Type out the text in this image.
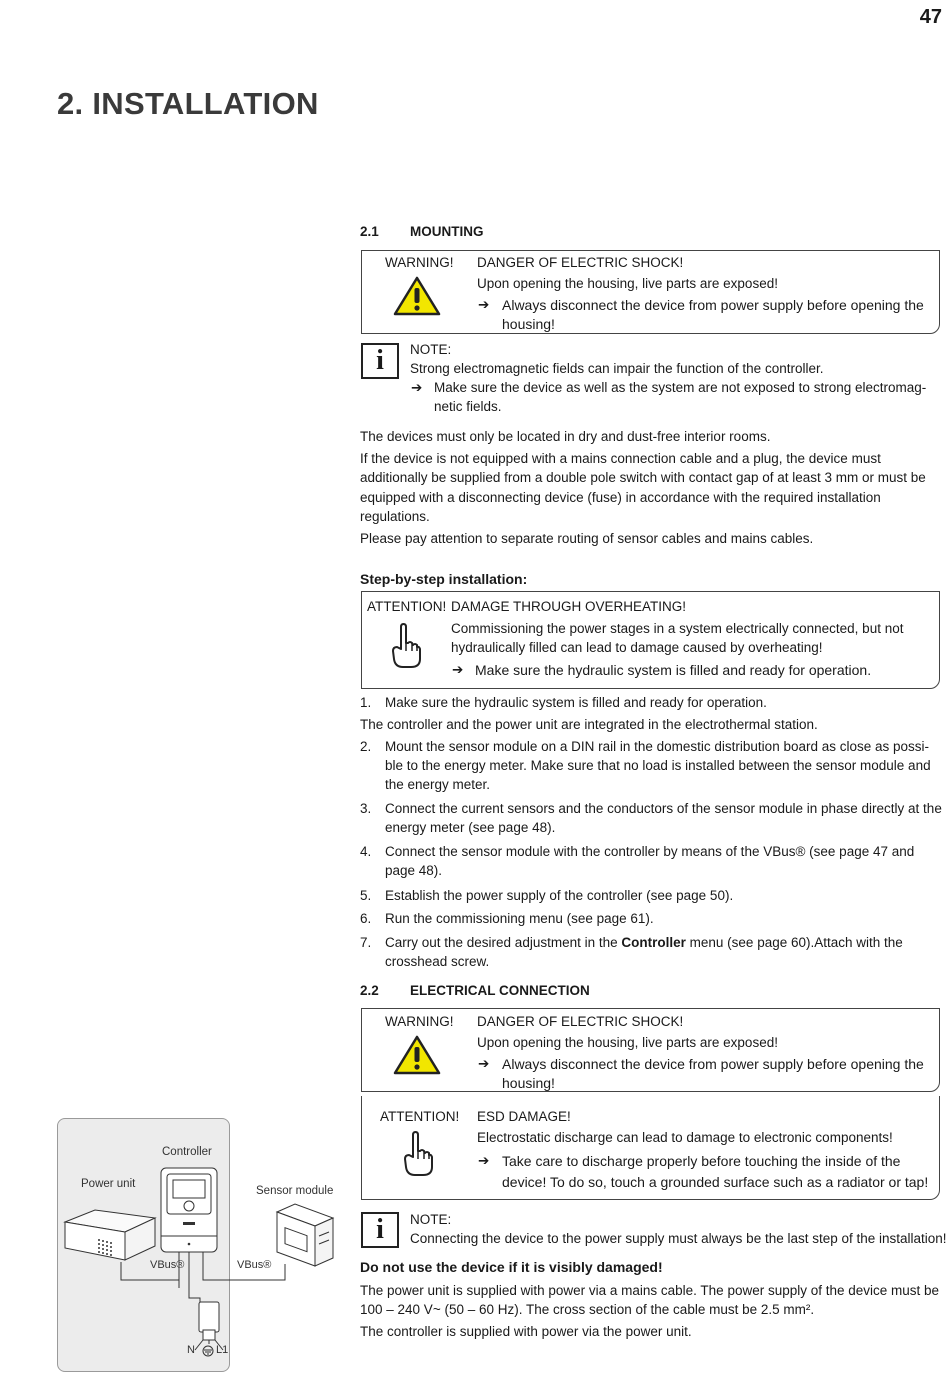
47
2. INSTALLATION
2.1 MOUNTING
WARNING! DANGER OF ELECTRIC SHOCK!
Upon opening the housing, live parts are exposed!
➔ Always disconnect the device from power supply before opening the
housing!
i	NOTE:
Strong electromagnetic fields can impair the function of the controller.
➔ Make sure the device as well as the system are not exposed to strong electromag-
netic fields.

The devices must only be located in dry and dust-free interior rooms.

If the device is not equipped with a mains connection cable and a plug, the device must additionally be supplied from a double pole switch with contact gap of at least 3 mm or must be equipped with a disconnecting device (fuse) in accordance with the required installation regulations.

Please pay attention to separate routing of sensor cables and mains cables.

Step-by-step installation:
ATTENTION! DAMAGE THROUGH OVERHEATING!
Commissioning the power stages in a system electrically connected, but not
hydraulically filled can lead to damage caused by overheating!
➔ Make sure the hydraulic system is filled and ready for operation.
1. Make sure the hydraulic system is filled and ready for operation.
The controller and the power unit are integrated in the electrothermal station.
2. Mount the sensor module on a DIN rail in the domestic distribution board as close as possi-ble to the energy meter. Make sure that no load is installed between the sensor module and the energy meter.
3. Connect the current sensors and the conductors of the sensor module in phase directly at the energy meter (see page 48).
4. Connect the sensor module with the controller by means of the VBus® (see page 47 and page 48).
5. Establish the power supply of the controller (see page 50).
6. Run the commissioning menu (see page 61).
7. Carry out the desired adjustment in the Controller menu (see page 60).Attach with the crosshead screw.
2.2 ELECTRICAL CONNECTION
WARNING! DANGER OF ELECTRIC SHOCK!
Upon opening the housing, live parts are exposed!
➔ Always disconnect the device from power supply before opening the
housing!
ATTENTION! ESD DAMAGE!
Electrostatic discharge can lead to damage to electronic components!
➔ Take care to discharge properly before touching the inside of the
device! To do so, touch a grounded surface such as a radiator or tap!
i	NOTE:
Connecting the device to the power supply must always be the last step of the installation!
Do not use the device if it is visibly damaged!

The power unit is supplied with power via a mains cable. The power supply of the device must be 100 – 240 V~ (50 – 60 Hz). The cross section of the cable must be 2.5 mm².

The controller is supplied with power via the power unit.

Controller
Power unit
Sensor module
VBus®	VBus®
N L1
